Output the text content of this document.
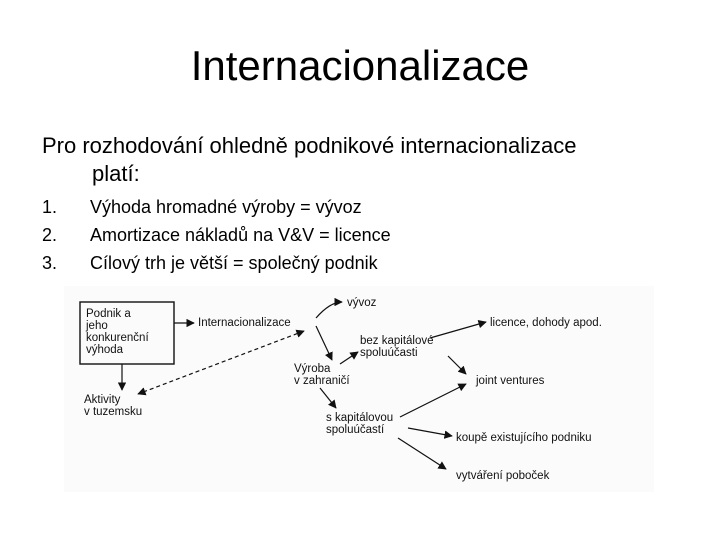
Internacionalizace
Pro rozhodování ohledně podnikové internacionalizace
platí:
1.	Výhoda hromadné výroby = vývoz
2.	Amortizace nákladů na V&V = licence
3.	Cílový trh je větší = společný podnik
Podnik a
jeho
konkurenční
výhoda
Aktivity
v tuzemsku
Internacionalizace
vývoz
bez kapitálové
spoluúčasti
Výroba
v zahraničí
licence, dohody apod.
joint ventures
s kapitálovou
spoluúčastí
koupě existujícího podniku
vytváření poboček
